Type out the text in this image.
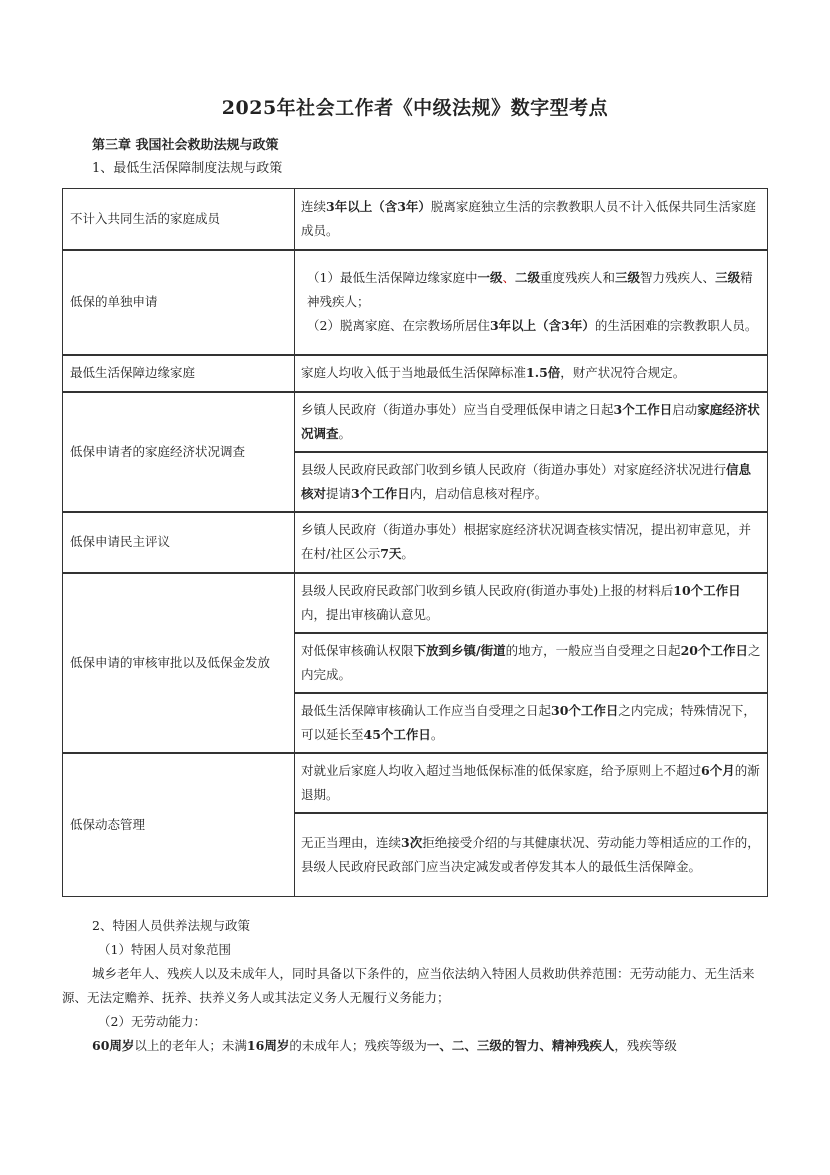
2025年社会工作者《中级法规》数字型考点
第三章 我国社会救助法规与政策
1、最低生活保障制度法规与政策
不计入共同生活的家庭成员	连续3年以上（含3年）脱离家庭独立生活的宗教教职人员不计入低保共同生活家庭成员。
低保的单独申请	（1）最低生活保障边缘家庭中一级、二级重度残疾人和三级智力残疾人、三级精神残疾人；
（2）脱离家庭、在宗教场所居住3年以上（含3年）的生活困难的宗教教职人员。

最低生活保障边缘家庭	家庭人均收入低于当地最低生活保障标准1.5倍，财产状况符合规定。
低保申请者的家庭经济状况调查	乡镇人民政府（街道办事处）应当自受理低保申请之日起3个工作日启动家庭经济状况调查。
	县级人民政府民政部门收到乡镇人民政府（街道办事处）对家庭经济状况进行信息核对提请3个工作日内，启动信息核对程序。
低保申请民主评议	乡镇人民政府（街道办事处）根据家庭经济状况调查核实情况，提出初审意见，并在村/社区公示7天。
低保申请的审核审批以及低保金发放	县级人民政府民政部门收到乡镇人民政府(街道办事处)上报的材料后10个工作日内，提出审核确认意见。
	对低保审核确认权限下放到乡镇/街道的地方，一般应当自受理之日起20个工作日之内完成。
	最低生活保障审核确认工作应当自受理之日起30个工作日之内完成；特殊情况下，可以延长至45个工作日。
低保动态管理	对就业后家庭人均收入超过当地低保标准的低保家庭，给予原则上不超过6个月的渐退期。
	无正当理由，连续3次拒绝接受介绍的与其健康状况、劳动能力等相适应的工作的，县级人民政府民政部门应当决定减发或者停发其本人的最低生活保障金。

2、特困人员供养法规与政策

（1）特困人员对象范围

城乡老年人、残疾人以及未成年人，同时具备以下条件的，应当依法纳入特困人员救助供养范围：无劳动能力、无生活来源、无法定赡养、抚养、扶养义务人或其法定义务人无履行义务能力；

（2）无劳动能力：

60周岁以上的老年人；未满16周岁的未成年人；残疾等级为一、二、三级的智力、精神残疾人，残疾等级
